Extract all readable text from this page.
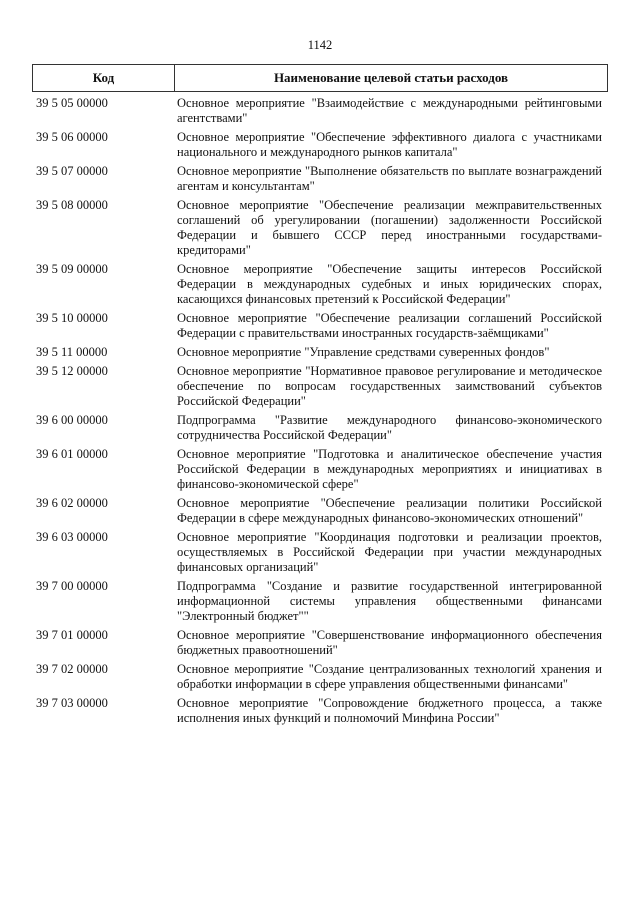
1142
Код	Наименование целевой статьи расходов
39 5 05 00000	Основное мероприятие "Взаимодействие с международными рейтинговыми агентствами"
39 5 06 00000	Основное мероприятие "Обеспечение эффективного диалога с участниками национального и международного рынков капитала"
39 5 07 00000	Основное мероприятие "Выполнение обязательств по выплате вознаграждений агентам и консультантам"
39 5 08 00000	Основное мероприятие "Обеспечение реализации межправительственных соглашений об урегулировании (погашении) задолженности Российской Федерации и бывшего СССР перед иностранными государствами-кредиторами"
39 5 09 00000	Основное мероприятие "Обеспечение защиты интересов Российской Федерации в международных судебных и иных юридических спорах, касающихся финансовых претензий к Российской Федерации"
39 5 10 00000	Основное мероприятие "Обеспечение реализации соглашений Российской Федерации с правительствами иностранных государств-заёмщиками"
39 5 11 00000	Основное мероприятие "Управление средствами суверенных фондов"
39 5 12 00000	Основное мероприятие "Нормативное правовое регулирование и методическое обеспечение по вопросам государственных заимствований субъектов Российской Федерации"
39 6 00 00000	Подпрограмма "Развитие международного финансово-экономического сотрудничества Российской Федерации"
39 6 01 00000	Основное мероприятие "Подготовка и аналитическое обеспечение участия Российской Федерации в международных мероприятиях и инициативах в финансово-экономической сфере"
39 6 02 00000	Основное мероприятие "Обеспечение реализации политики Российской Федерации в сфере международных финансово-экономических отношений"
39 6 03 00000	Основное мероприятие "Координация подготовки и реализации проектов, осуществляемых в Российской Федерации при участии международных финансовых организаций"
39 7 00 00000	Подпрограмма "Создание и развитие государственной интегрированной информационной системы управления общественными финансами "Электронный бюджет""
39 7 01 00000	Основное мероприятие "Совершенствование информационного обеспечения бюджетных правоотношений"
39 7 02 00000	Основное мероприятие "Создание централизованных технологий хранения и обработки информации в сфере управления общественными финансами"
39 7 03 00000	Основное мероприятие "Сопровождение бюджетного процесса, а также исполнения иных функций и полномочий Минфина России"
